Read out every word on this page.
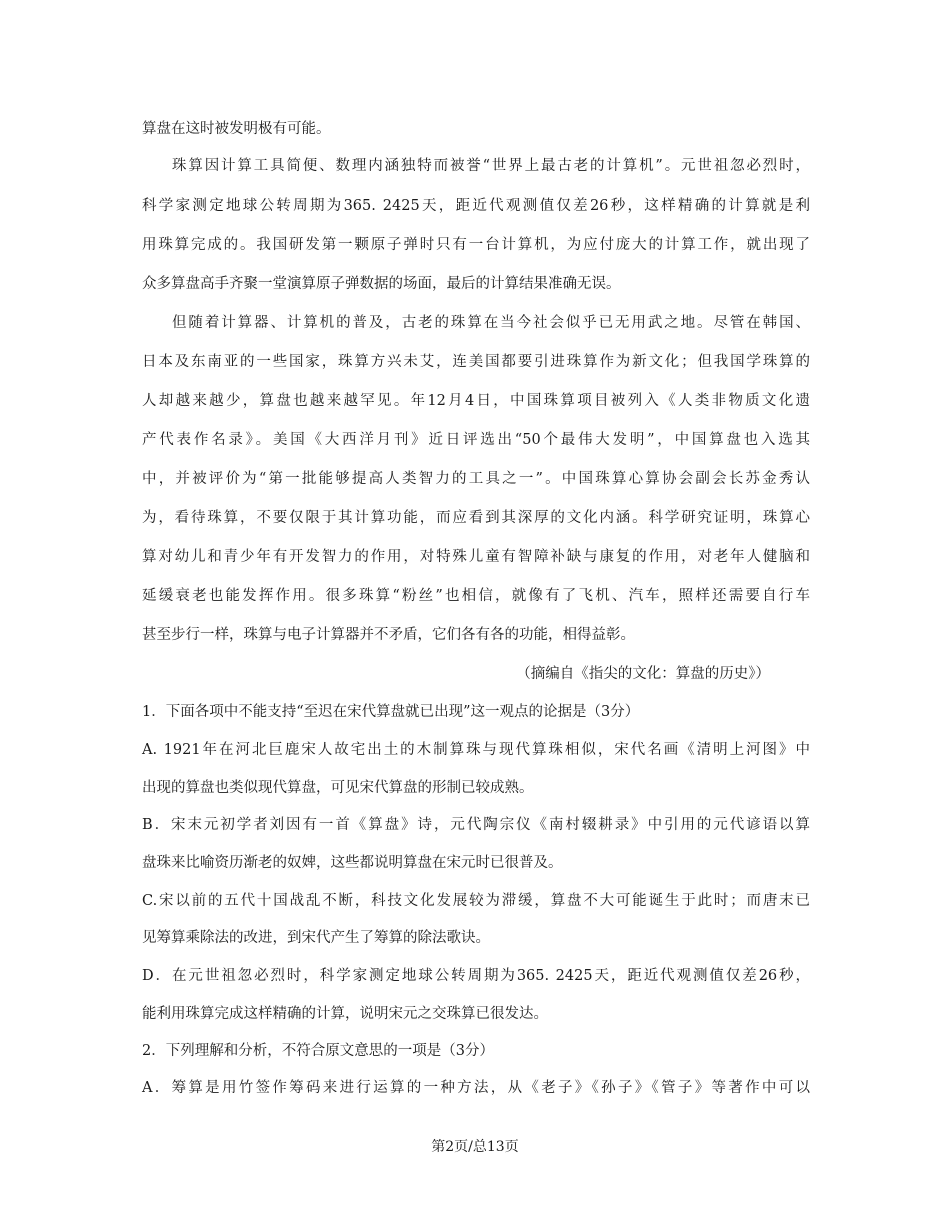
算盘在这时被发明极有可能。
珠算因计算工具简便、数理内涵独特而被誉“世界上最古老的计算机”。元世祖忽必烈时，
科学家测定地球公转周期为365. 2425天，距近代观测值仅差26秒，这样精确的计算就是利
用珠算完成的。我国研发第一颗原子弹时只有一台计算机，为应付庞大的计算工作，就出现了
众多算盘高手齐聚一堂演算原子弹数据的场面，最后的计算结果准确无误。
但随着计算器、计算机的普及，古老的珠算在当今社会似乎已无用武之地。尽管在韩国、
日本及东南亚的一些国家，珠算方兴未艾，连美国都要引进珠算作为新文化；但我国学珠算的
人却越来越少，算盘也越来越罕见。年12月4日，中国珠算项目被列入《人类非物质文化遗
产代表作名录》。美国《大西洋月刊》近日评选出“50个最伟大发明”，中国算盘也入选其
中，并被评价为“第一批能够提高人类智力的工具之一”。中国珠算心算协会副会长苏金秀认
为，看待珠算，不要仅限于其计算功能，而应看到其深厚的文化内涵。科学研究证明，珠算心
算对幼儿和青少年有开发智力的作用，对特殊儿童有智障补缺与康复的作用，对老年人健脑和
延缓衰老也能发挥作用。很多珠算“粉丝”也相信，就像有了飞机、汽车，照样还需要自行车
甚至步行一样，珠算与电子计算器并不矛盾，它们各有各的功能，相得益彰。
（摘编自《指尖的文化：算盘的历史》）
1．下面各项中不能支持“至迟在宋代算盘就已出现”这一观点的论据是（3分）
A. 1921年在河北巨鹿宋人故宅出土的木制算珠与现代算珠相似，宋代名画《清明上河图》中
出现的算盘也类似现代算盘，可见宋代算盘的形制已较成熟。
B．宋末元初学者刘因有一首《算盘》诗，元代陶宗仪《南村辍耕录》中引用的元代谚语以算
盘珠来比喻资历渐老的奴婢，这些都说明算盘在宋元时已很普及。
C.宋以前的五代十国战乱不断，科技文化发展较为滞缓，算盘不大可能诞生于此时；而唐末已
见筹算乘除法的改进，到宋代产生了筹算的除法歌诀。
D．在元世祖忽必烈时，科学家测定地球公转周期为365. 2425天，距近代观测值仅差26秒，
能利用珠算完成这样精确的计算，说明宋元之交珠算已很发达。
2．下列理解和分析，不符合原文意思的一项是（3分）
A．筹算是用竹签作筹码来进行运算的一种方法，从《老子》《孙子》《管子》等著作中可以
第2页/总13页
